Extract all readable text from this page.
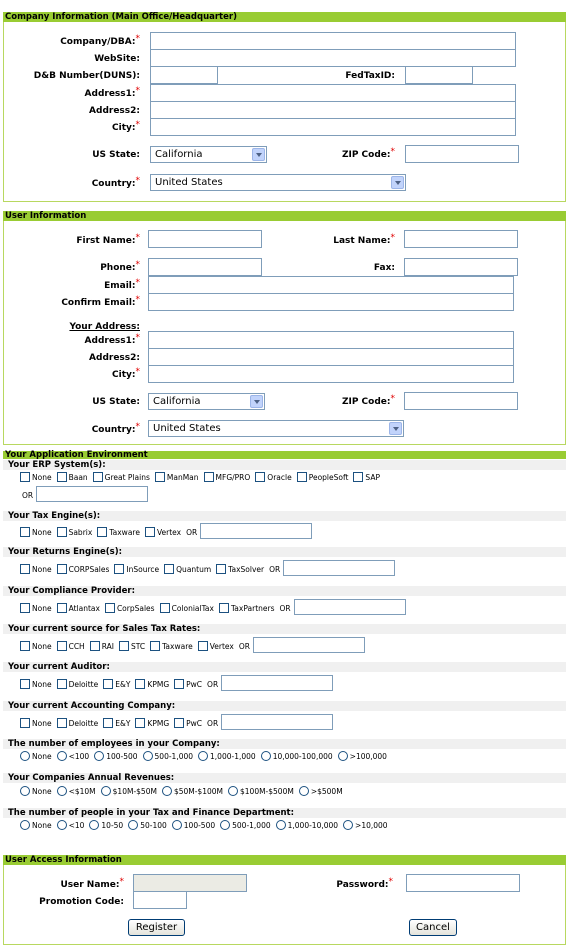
Company Information (Main Office/Headquarter)
Company/DBA:*
WebSite:
D&B Number(DUNS):	FedTaxID:
Address1:*
Address2:
City:*
US State:	California	ZIP Code:*
Country:*	United States
User Information
First Name:*	Last Name:*
Phone:*	Fax:
Email:*
Confirm Email:*
Your Address:
Address1:*
Address2:
City:*
US State:	California	ZIP Code:*
Country:*	United States
Your Application Environment
Your ERP System(s):
None Baan Great Plains ManMan MFG/PRO Oracle PeopleSoft SAP
OR
Your Tax Engine(s):
None Sabrix Taxware Vertex OR
Your Returns Engine(s):
None CORPSales InSource Quantum TaxSolver OR
Your Compliance Provider:
None Atlantax CorpSales ColonialTax TaxPartners OR
Your current source for Sales Tax Rates:
None CCH RAI STC Taxware Vertex OR
Your current Auditor:
None Deloitte E&Y KPMG PwC OR
Your current Accounting Company:
None Deloitte E&Y KPMG PwC OR
The number of employees in your Company:
None <100 100-500 500-1,000 1,000-1,000 10,000-100,000 >100,000
Your Companies Annual Revenues:
None <$10M $10M-$50M $50M-$100M $100M-$500M >$500M
The number of people in your Tax and Finance Department:
None <10 10-50 50-100 100-500 500-1,000 1,000-10,000 >10,000
User Access Information
User Name:*	Password:*
Promotion Code:
Register	Cancel
